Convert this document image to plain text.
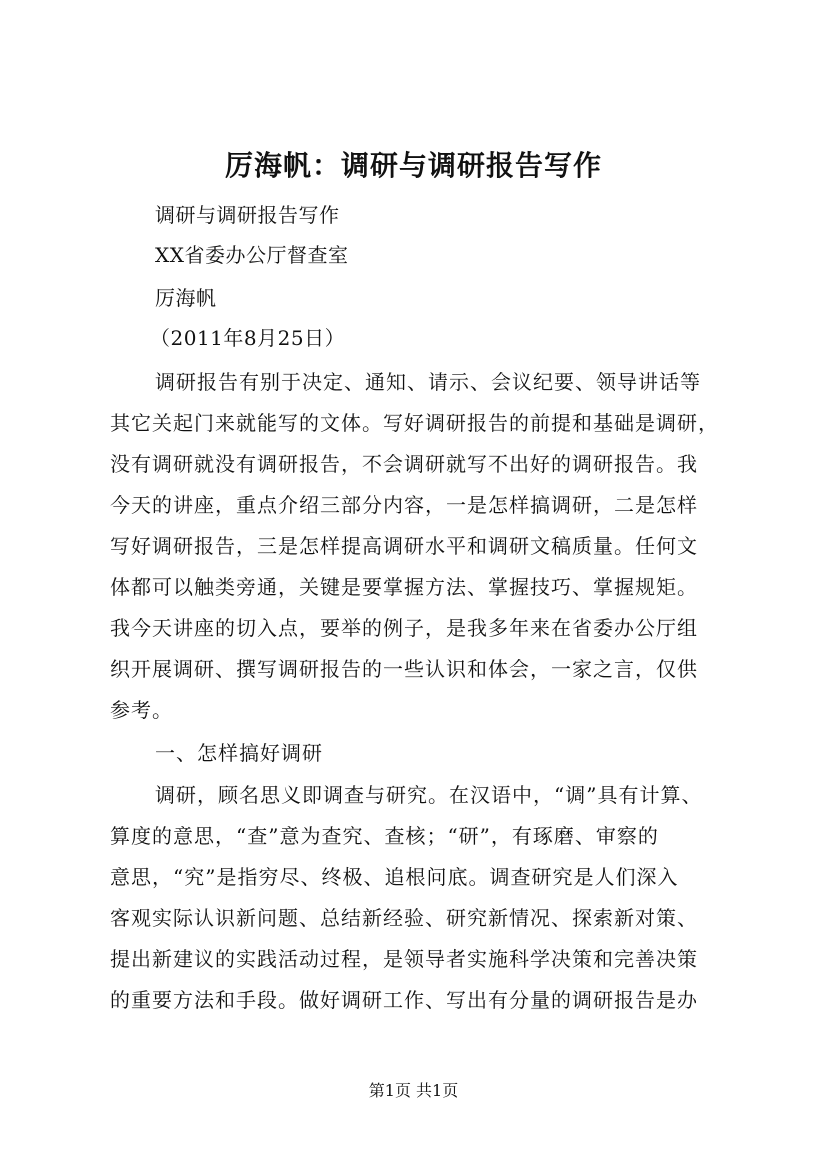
厉海帆：调研与调研报告写作
调研与调研报告写作
XX省委办公厅督查室
厉海帆
（2011年8月25日）
调研报告有别于决定、通知、请示、会议纪要、领导讲话等
其它关起门来就能写的文体。写好调研报告的前提和基础是调研，
没有调研就没有调研报告，不会调研就写不出好的调研报告。我
今天的讲座，重点介绍三部分内容，一是怎样搞调研，二是怎样
写好调研报告，三是怎样提高调研水平和调研文稿质量。任何文
体都可以触类旁通，关键是要掌握方法、掌握技巧、掌握规矩。
我今天讲座的切入点，要举的例子，是我多年来在省委办公厅组
织开展调研、撰写调研报告的一些认识和体会，一家之言，仅供
参考。
一、怎样搞好调研
调研，顾名思义即调查与研究。在汉语中，“调”具有计算、
算度的意思，“查”意为查究、查核；“研”，有琢磨、审察的
意思，“究”是指穷尽、终极、追根问底。调查研究是人们深入
客观实际认识新问题、总结新经验、研究新情况、探索新对策、
提出新建议的实践活动过程，是领导者实施科学决策和完善决策
的重要方法和手段。做好调研工作、写出有分量的调研报告是办
第1页 共1页
